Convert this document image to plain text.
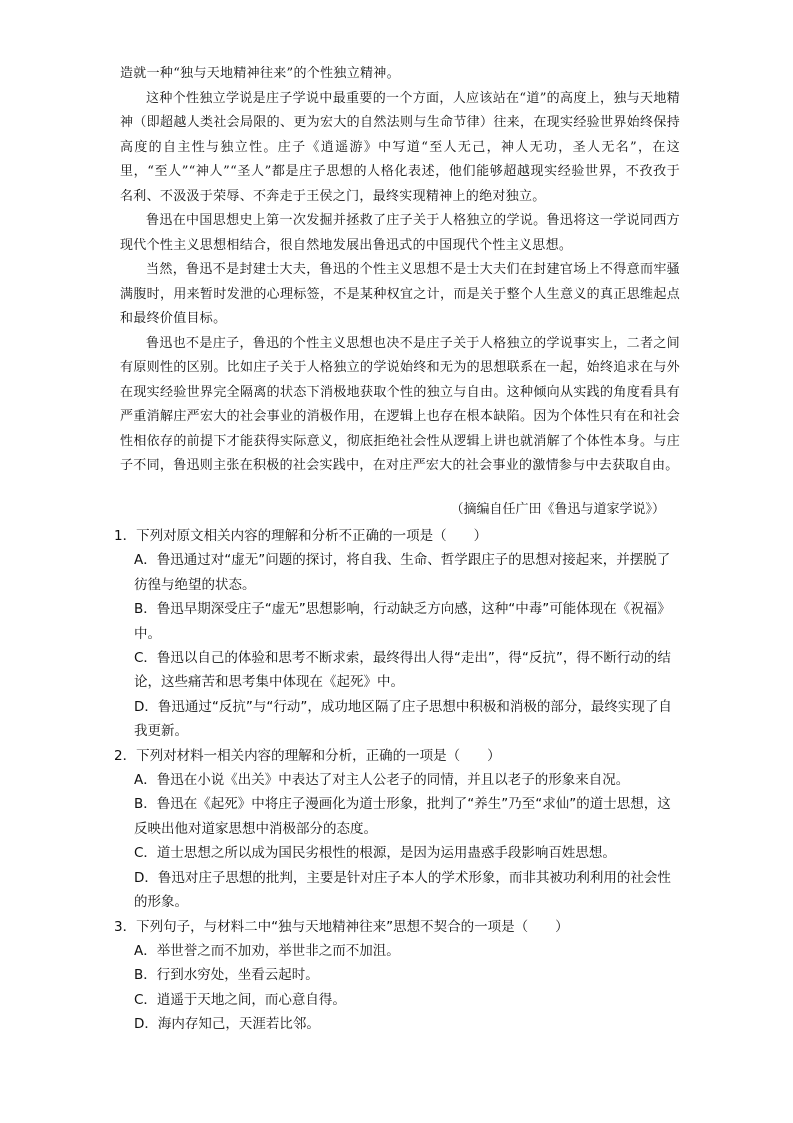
造就一种“独与天地精神往来”的个性独立精神。

这种个性独立学说是庄子学说中最重要的一个方面，人应该站在“道”的高度上，独与天地精神（即超越人类社会局限的、更为宏大的自然法则与生命节律）往来，在现实经验世界始终保持高度的自主性与独立性。庄子《逍遥游》中写道“至人无己，神人无功，圣人无名”，在这里，“至人”“神人”“圣人”都是庄子思想的人格化表述，他们能够超越现实经验世界，不孜孜于名利、不汲汲于荣辱、不奔走于王侯之门，最终实现精神上的绝对独立。

鲁迅在中国思想史上第一次发掘并拯救了庄子关于人格独立的学说。鲁迅将这一学说同西方现代个性主义思想相结合，很自然地发展出鲁迅式的中国现代个性主义思想。

当然，鲁迅不是封建士大夫，鲁迅的个性主义思想不是士大夫们在封建官场上不得意而牢骚满腹时，用来暂时发泄的心理标签，不是某种权宜之计，而是关于整个人生意义的真正思维起点和最终价值目标。

鲁迅也不是庄子，鲁迅的个性主义思想也决不是庄子关于人格独立的学说事实上，二者之间有原则性的区别。比如庄子关于人格独立的学说始终和无为的思想联系在一起，始终追求在与外在现实经验世界完全隔离的状态下消极地获取个性的独立与自由。这种倾向从实践的角度看具有严重消解庄严宏大的社会事业的消极作用，在逻辑上也存在根本缺陷。因为个体性只有在和社会性相依存的前提下才能获得实际意义，彻底拒绝社会性从逻辑上讲也就消解了个体性本身。与庄子不同，鲁迅则主张在积极的社会实践中，在对庄严宏大的社会事业的激情参与中去获取自由。

（摘编自任广田《鲁迅与道家学说》）

1．下列对原文相关内容的理解和分析不正确的一项是（　　）

A．鲁迅通过对“虚无”问题的探讨，将自我、生命、哲学跟庄子的思想对接起来，并摆脱了彷徨与绝望的状态。

B．鲁迅早期深受庄子“虚无”思想影响，行动缺乏方向感，这种“中毒”可能体现在《祝福》中。

C．鲁迅以自己的体验和思考不断求索，最终得出人得“走出”，得“反抗”，得不断行动的结论，这些痛苦和思考集中体现在《起死》中。

D．鲁迅通过“反抗”与“行动”，成功地区隔了庄子思想中积极和消极的部分，最终实现了自我更新。

2．下列对材料一相关内容的理解和分析，正确的一项是（　　）

A．鲁迅在小说《出关》中表达了对主人公老子的同情，并且以老子的形象来自况。

B．鲁迅在《起死》中将庄子漫画化为道士形象，批判了“养生”乃至“求仙”的道士思想，这反映出他对道家思想中消极部分的态度。

C．道士思想之所以成为国民劣根性的根源，是因为运用蛊惑手段影响百姓思想。

D．鲁迅对庄子思想的批判，主要是针对庄子本人的学术形象，而非其被功利利用的社会性的形象。

3．下列句子，与材料二中“独与天地精神往来”思想不契合的一项是（　　）

A．举世誉之而不加劝，举世非之而不加沮。

B．行到水穷处，坐看云起时。

C．逍遥于天地之间，而心意自得。

D．海内存知己，天涯若比邻。
